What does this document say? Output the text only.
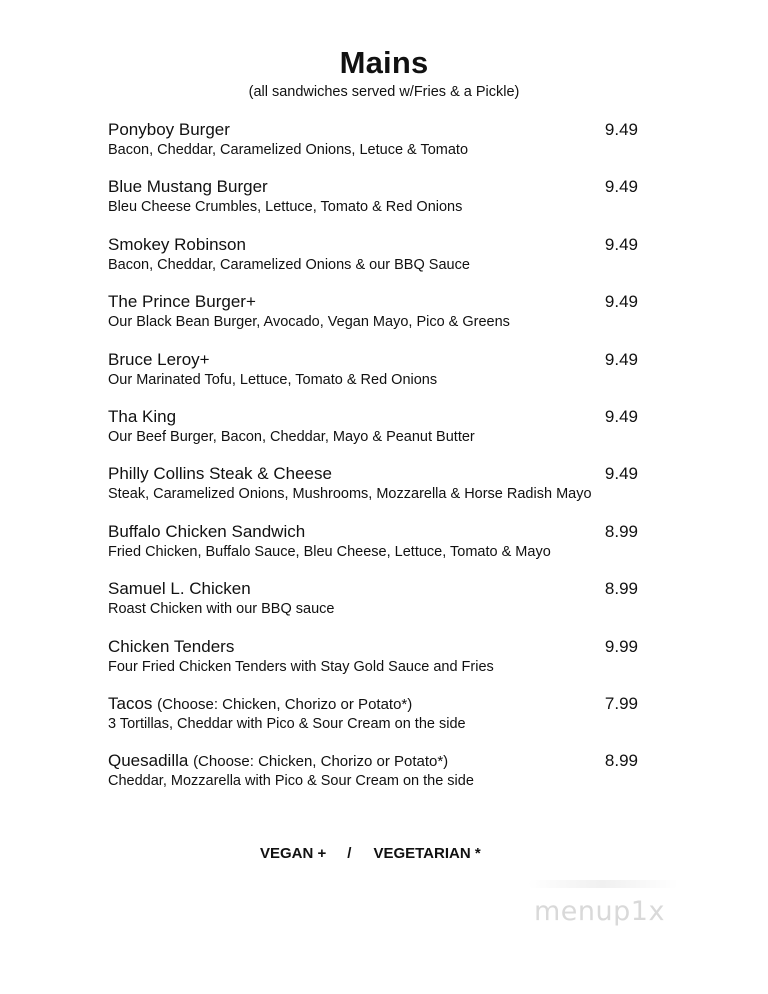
Mains
(all sandwiches served w/Fries & a Pickle)
Ponyboy Burger	9.49
Bacon, Cheddar, Caramelized Onions, Letuce & Tomato
Blue Mustang Burger	9.49
Bleu Cheese Crumbles, Lettuce, Tomato & Red Onions
Smokey Robinson	9.49
Bacon, Cheddar, Caramelized Onions & our BBQ Sauce
The Prince Burger+	9.49
Our Black Bean Burger, Avocado, Vegan Mayo, Pico & Greens
Bruce Leroy+	9.49
Our Marinated Tofu, Lettuce, Tomato & Red Onions
Tha King	9.49
Our Beef Burger, Bacon, Cheddar, Mayo & Peanut Butter
Philly Collins Steak & Cheese	9.49
Steak, Caramelized Onions, Mushrooms, Mozzarella & Horse Radish Mayo
Buffalo Chicken Sandwich	8.99
Fried Chicken, Buffalo Sauce, Bleu Cheese, Lettuce, Tomato & Mayo
Samuel L. Chicken	8.99
Roast Chicken with our BBQ sauce
Chicken Tenders	9.99
Four Fried Chicken Tenders with Stay Gold Sauce and Fries
Tacos (Choose: Chicken, Chorizo or Potato*)	7.99
3 Tortillas, Cheddar with Pico & Sour Cream on the side
Quesadilla (Choose: Chicken, Chorizo or Potato*)	8.99
Cheddar, Mozzarella with Pico & Sour Cream on the side
VEGAN + / VEGETARIAN *
menup1x
